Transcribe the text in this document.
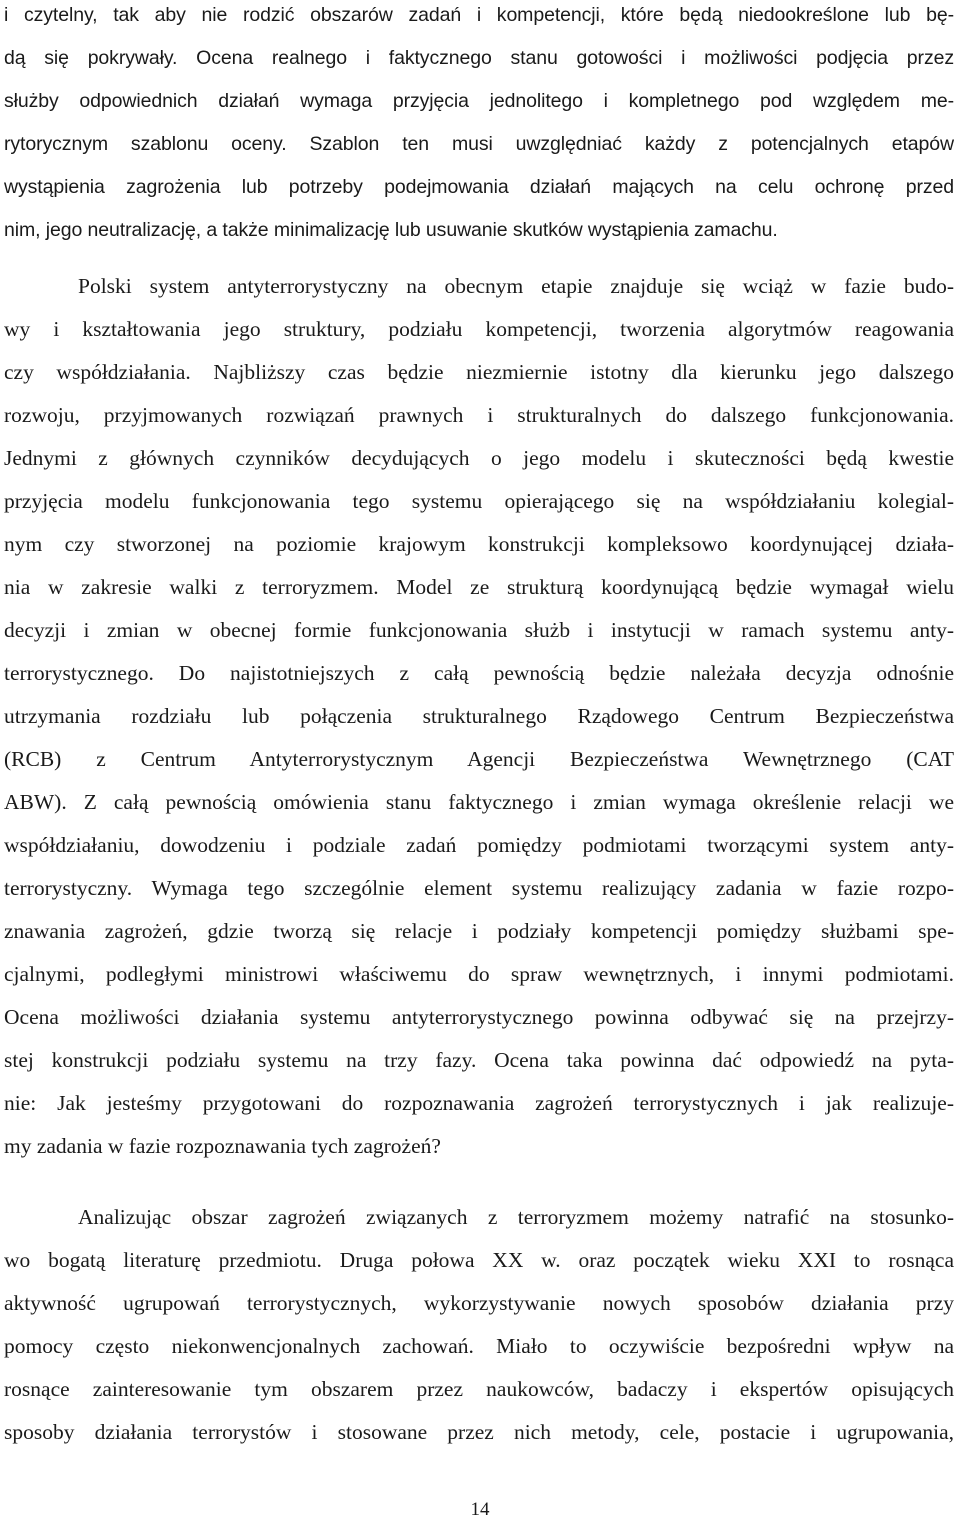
i czytelny, tak aby nie rodzić obszarów zadań i kompetencji, które będą niedookreślone lub bę-
dą się pokrywały. Ocena realnego i faktycznego stanu gotowości i możliwości podjęcia przez
służby odpowiednich działań wymaga przyjęcia jednolitego i kompletnego pod względem me-
rytorycznym szablonu oceny. Szablon ten musi uwzględniać każdy z potencjalnych etapów
wystąpienia zagrożenia lub potrzeby podejmowania działań mających na celu ochronę przed
nim, jego neutralizację, a także minimalizację lub usuwanie skutków wystąpienia zamachu.
Polski system antyterrorystyczny na obecnym etapie znajduje się wciąż w fazie budo-
wy i kształtowania jego struktury, podziału kompetencji, tworzenia algorytmów reagowania
czy współdziałania. Najbliższy czas będzie niezmiernie istotny dla kierunku jego dalszego
rozwoju, przyjmowanych rozwiązań prawnych i strukturalnych do dalszego funkcjonowania.
Jednymi z głównych czynników decydujących o jego modelu i skuteczności będą kwestie
przyjęcia modelu funkcjonowania tego systemu opierającego się na współdziałaniu kolegial-
nym czy stworzonej na poziomie krajowym konstrukcji kompleksowo koordynującej działa-
nia w zakresie walki z terroryzmem. Model ze strukturą koordynującą będzie wymagał wielu
decyzji i zmian w obecnej formie funkcjonowania służb i instytucji w ramach systemu anty-
terrorystycznego. Do najistotniejszych z całą pewnością będzie należała decyzja odnośnie
utrzymania rozdziału lub połączenia strukturalnego Rządowego Centrum Bezpieczeństwa
(RCB) z Centrum Antyterrorystycznym Agencji Bezpieczeństwa Wewnętrznego (CAT
ABW). Z całą pewnością omówienia stanu faktycznego i zmian wymaga określenie relacji we
współdziałaniu, dowodzeniu i podziale zadań pomiędzy podmiotami tworzącymi system anty-
terrorystyczny. Wymaga tego szczególnie element systemu realizujący zadania w fazie rozpo-
znawania zagrożeń, gdzie tworzą się relacje i podziały kompetencji pomiędzy służbami spe-
cjalnymi, podległymi ministrowi właściwemu do spraw wewnętrznych, i innymi podmiotami.
Ocena możliwości działania systemu antyterrorystycznego powinna odbywać się na przejrzy-
stej konstrukcji podziału systemu na trzy fazy. Ocena taka powinna dać odpowiedź na pyta-
nie: Jak jesteśmy przygotowani do rozpoznawania zagrożeń terrorystycznych i jak realizuje-
my zadania w fazie rozpoznawania tych zagrożeń?
Analizując obszar zagrożeń związanych z terroryzmem możemy natrafić na stosunko-
wo bogatą literaturę przedmiotu. Druga połowa XX w. oraz początek wieku XXI to rosnąca
aktywność ugrupowań terrorystycznych, wykorzystywanie nowych sposobów działania przy
pomocy często niekonwencjonalnych zachowań. Miało to oczywiście bezpośredni wpływ na
rosnące zainteresowanie tym obszarem przez naukowców, badaczy i ekspertów opisujących
sposoby działania terrorystów i stosowane przez nich metody, cele, postacie i ugrupowania,
14
